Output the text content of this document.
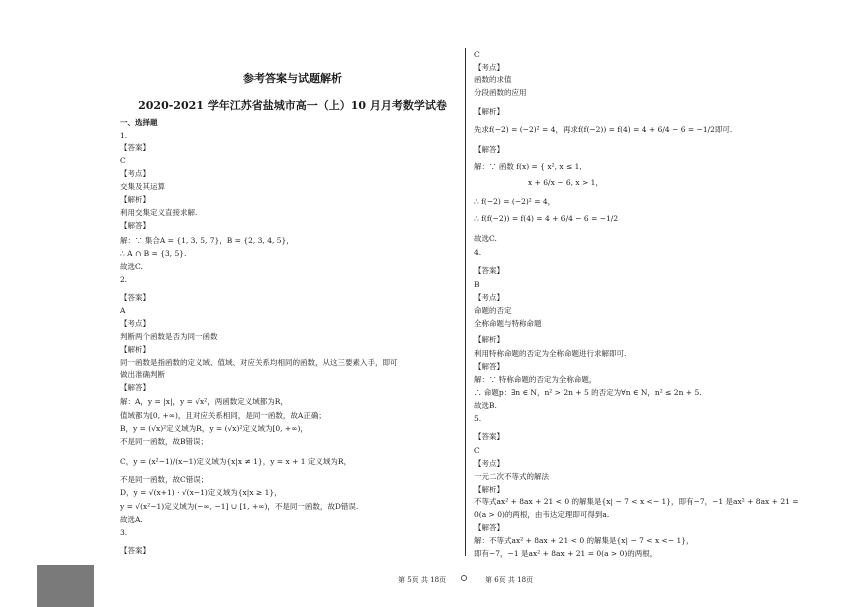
参考答案与试题解析
2020-2021 学年江苏省盐城市高一（上）10 月月考数学试卷
一、选择题
1.
【答案】
C
【考点】
交集及其运算
【解析】
利用交集定义直接求解.
【解答】
解：∵ 集合A = {1, 3, 5, 7}，B = {2, 3, 4, 5}，
∴ A ∩ B = {3, 5}.
故选C.
2.
【答案】
A
【考点】
判断两个函数是否为同一函数
【解析】
同一函数是指函数的定义域、值域、对应关系均相同的函数，从这三要素入手，即可
做出准确判断
【解答】
解：A，y = |x|，y = √x²，两函数定义域都为R，
值域都为[0, +∞)，且对应关系相同，是同一函数，故A正确；
B，y = (√x)²定义域为R，y = (√x)²定义域为[0, +∞)，
不是同一函数，故B错误；
C，y = (x²−1)/(x−1)定义域为{x|x ≠ 1}，y = x + 1 定义域为R，
不是同一函数，故C错误；
D，y = √(x+1) · √(x−1)定义域为{x|x ≥ 1}，
y = √(x²−1)定义域为(−∞, −1] ∪ [1, +∞)，不是同一函数，故D错误.
故选A.
3.
【答案】
C
【考点】
函数的求值
分段函数的应用
【解析】
先求f(−2) = (−2)² = 4，再求f(f(−2)) = f(4) = 4 + 6/4 − 6 = −1/2即可.
【解答】
解：∵ 函数 f(x) = { x², x ≤ 1,
x + 6/x − 6, x > 1，
∴ f(−2) = (−2)² = 4，
∴ f(f(−2)) = f(4) = 4 + 6/4 − 6 = −1/2
故选C.
4.
【答案】
B
【考点】
命题的否定
全称命题与特称命题
【解析】
利用特称命题的否定为全称命题进行求解即可.
【解答】
解：∵ 特称命题的否定为全称命题，
∴ 命题p：∃n ∈ N，n² > 2n + 5 的否定为∀n ∈ N，n² ≤ 2n + 5.
故选B.
5.
【答案】
C
【考点】
一元二次不等式的解法
【解析】
不等式ax² + 8ax + 21 < 0 的解集是{x| − 7 < x <− 1}，即有−7，−1 是ax² + 8ax + 21 =
0(a > 0)的两根，由韦达定理即可得到a.
【解答】
解：不等式ax² + 8ax + 21 < 0 的解集是{x| − 7 < x <− 1}，
即有−7，−1 是ax² + 8ax + 21 = 0(a > 0)的两根，
第 5页 共 18页	第 6页 共 18页
